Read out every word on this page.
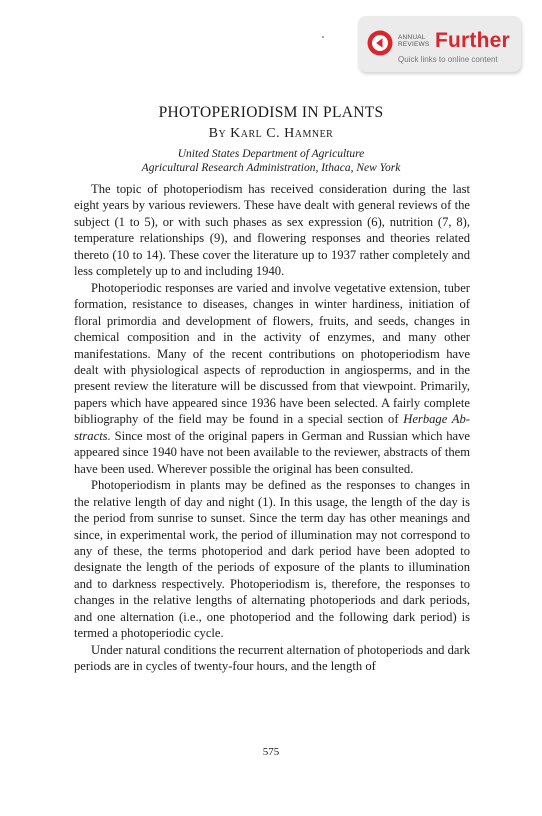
ANNUAL
REVIEWS Further
Quick links to online content
PHOTOPERIODISM IN PLANTS
By Karl C. Hamner
United States Department of Agriculture
Agricultural Research Administration, Ithaca, New York

The topic of photoperiodism has received consideration during the last eight years by various reviewers. These have dealt with general reviews of the subject (1 to 5), or with such phases as sex expression (6), nutrition (7, 8), temperature relationships (9), and flowering responses and theories related thereto (10 to 14). These cover the literature up to 1937 rather completely and less completely up to and including 1940.

Photoperiodic responses are varied and involve vegetative extension, tuber formation, resistance to diseases, changes in winter hardiness, initiation of floral primordia and development of flowers, fruits, and seeds, changes in chemical composition and in the activity of enzymes, and many other manifestations. Many of the recent contributions on photoperiodism have dealt with physiological aspects of reproduction in angiosperms, and in the present review the literature will be discussed from that viewpoint. Primarily, papers which have appeared since 1936 have been selected. A fairly complete bibliography of the field may be found in a special section of Herbage Abstracts. Since most of the original papers in German and Russian which have appeared since 1940 have not been available to the reviewer, abstracts of them have been used. Wherever possible the original has been consulted.

Photoperiodism in plants may be defined as the responses to changes in the relative length of day and night (1). In this usage, the length of the day is the period from sunrise to sunset. Since the term day has other meanings and since, in experimental work, the period of illumination may not correspond to any of these, the terms photoperiod and dark period have been adopted to designate the length of the periods of exposure of the plants to illumination and to darkness respectively. Photoperiodism is, therefore, the responses to changes in the relative lengths of alternating photoperiods and dark periods, and one alternation (i.e., one photoperiod and the following dark period) is termed a photoperiodic cycle.

Under natural conditions the recurrent alternation of photoperiods and dark periods are in cycles of twenty-four hours, and the length of

575
